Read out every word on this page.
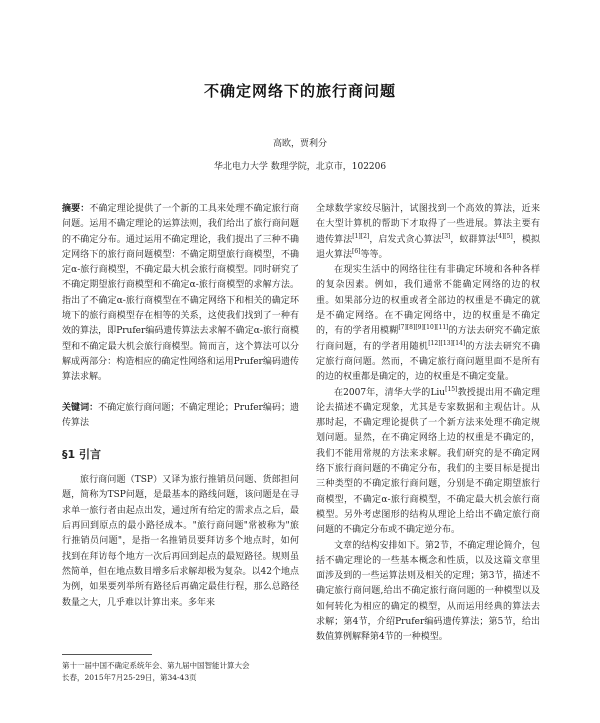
不确定网络下的旅行商问题
高欧，贾利分
华北电力大学 数理学院，北京市，102206

摘要：不确定理论提供了一个新的工具来处理不确定旅行商问题。运用不确定理论的运算法则，我们给出了旅行商问题的不确定分布。通过运用不确定理论，我们提出了三种不确定网络下的旅行商问题模型：不确定期望旅行商模型，不确定α-旅行商模型，不确定最大机会旅行商模型。同时研究了不确定期望旅行商模型和不确定α-旅行商模型的求解方法。指出了不确定α-旅行商模型在不确定网络下和相关的确定环境下的旅行商模型存在相等的关系，这使我们找到了一种有效的算法，即Prufer编码遗传算法去求解不确定α-旅行商模型和不确定最大机会旅行商模型。简而言，这个算法可以分解成两部分：构造相应的确定性网络和运用Prufer编码遗传算法求解。

关键词：不确定旅行商问题；不确定理论；Prufer编码；遗传算法

§1 引言

旅行商问题（TSP）又译为旅行推销员问题、货郎担问题，简称为TSP问题，是最基本的路线问题，该问题是在寻求单一旅行者由起点出发，通过所有给定的需求点之后，最后再回到原点的最小路径成本。"旅行商问题"常被称为"旅行推销员问题"，是指一名推销员要拜访多个地点时，如何找到在拜访每个地方一次后再回到起点的最短路径。规则虽然简单，但在地点数目增多后求解却极为复杂。以42个地点为例，如果要列举所有路径后再确定最佳行程，那么总路径数量之大，几乎难以计算出来。多年来

全球数学家绞尽脑汁，试图找到一个高效的算法，近来在大型计算机的帮助下才取得了一些进展。算法主要有遗传算法[1][2]，启发式贪心算法[3]，蚁群算法[4][5]，模拟退火算法[6]等等。

在现实生活中的网络往往有非确定环境和各种各样的复杂因素。例如，我们通常不能确定网络的边的权重。如果部分边的权重或者全部边的权重是不确定的就是不确定网络。在不确定网络中，边的权重是不确定的，有的学者用模糊[7][8][9][10][11]的方法去研究不确定旅行商问题，有的学者用随机[12][13][14]的方法去研究不确定旅行商问题。然而，不确定旅行商问题里面不是所有的边的权重都是确定的，边的权重是不确定变量。

在2007年，清华大学的Liu[15]教授提出用不确定理论去描述不确定现象，尤其是专家数据和主观估计。从那时起，不确定理论提供了一个新方法来处理不确定规划问题。显然，在不确定网络上边的权重是不确定的，我们不能用常规的方法来求解。我们研究的是不确定网络下旅行商问题的不确定分布，我们的主要目标是提出三种类型的不确定旅行商问题，分别是不确定期望旅行商模型，不确定α-旅行商模型，不确定最大机会旅行商模型。另外考虑图形的结构从理论上给出不确定旅行商问题的不确定分布或不确定逆分布。

文章的结构安排如下。第2节，不确定理论简介，包括不确定理论的一些基本概念和性质，以及这篇文章里面涉及到的一些运算法则及相关的定理；第3节，描述不确定旅行商问题,给出不确定旅行商问题的一种模型以及如何转化为相应的确定的模型，从而运用经典的算法去求解；第4节，介绍Prufer编码遗传算法；第5节，给出数值算例解释第4节的一种模型。

第十一届中国不确定系统年会、第九届中国智能计算大会
长春，2015年7月25-29日，第34-43页
